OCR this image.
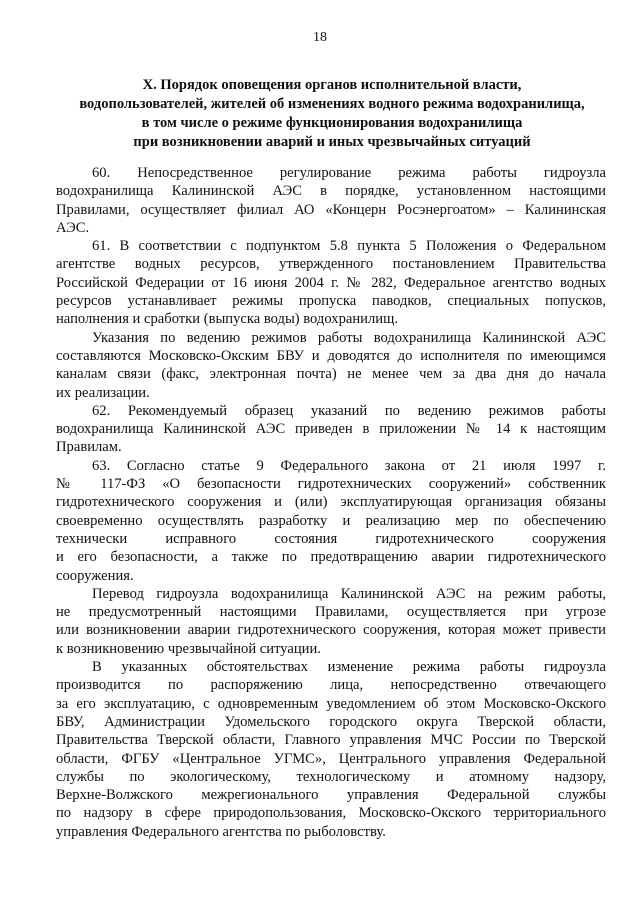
18
X. Порядок оповещения органов исполнительной власти,
водопользователей, жителей об изменениях водного режима водохранилища,
в том числе о режиме функционирования водохранилища
при возникновении аварий и иных чрезвычайных ситуаций
60. Непосредственное регулирование режима работы гидроузла
водохранилища Калининской АЭС в порядке, установленном настоящими
Правилами, осуществляет филиал АО «Концерн Росэнергоатом» – Калининская
АЭС.
61. В соответствии с подпунктом 5.8 пункта 5 Положения о Федеральном
агентстве водных ресурсов, утвержденного постановлением Правительства
Российской Федерации от 16 июня 2004 г. № 282, Федеральное агентство водных
ресурсов устанавливает режимы пропуска паводков, специальных попусков,
наполнения и сработки (выпуска воды) водохранилищ.
Указания по ведению режимов работы водохранилища Калининской АЭС
составляются Московско-Окским БВУ и доводятся до исполнителя по имеющимся
каналам связи (факс, электронная почта) не менее чем за два дня до начала
их реализации.
62. Рекомендуемый образец указаний по ведению режимов работы
водохранилища Калининской АЭС приведен в приложении № 14 к настоящим
Правилам.
63. Согласно статье 9 Федерального закона от 21 июля 1997 г.
№ 117-ФЗ «О безопасности гидротехнических сооружений» собственник
гидротехнического сооружения и (или) эксплуатирующая организация обязаны
своевременно осуществлять разработку и реализацию мер по обеспечению
технически исправного состояния гидротехнического сооружения
и его безопасности, а также по предотвращению аварии гидротехнического
сооружения.
Перевод гидроузла водохранилища Калининской АЭС на режим работы,
не предусмотренный настоящими Правилами, осуществляется при угрозе
или возникновении аварии гидротехнического сооружения, которая может привести
к возникновению чрезвычайной ситуации.
В указанных обстоятельствах изменение режима работы гидроузла
производится по распоряжению лица, непосредственно отвечающего
за его эксплуатацию, с одновременным уведомлением об этом Московско-Окского
БВУ, Администрации Удомельского городского округа Тверской области,
Правительства Тверской области, Главного управления МЧС России по Тверской
области, ФГБУ «Центральное УГМС», Центрального управления Федеральной
службы по экологическому, технологическому и атомному надзору,
Верхне-Волжского межрегионального управления Федеральной службы
по надзору в сфере природопользования, Московско-Окского территориального
управления Федерального агентства по рыболовству.
